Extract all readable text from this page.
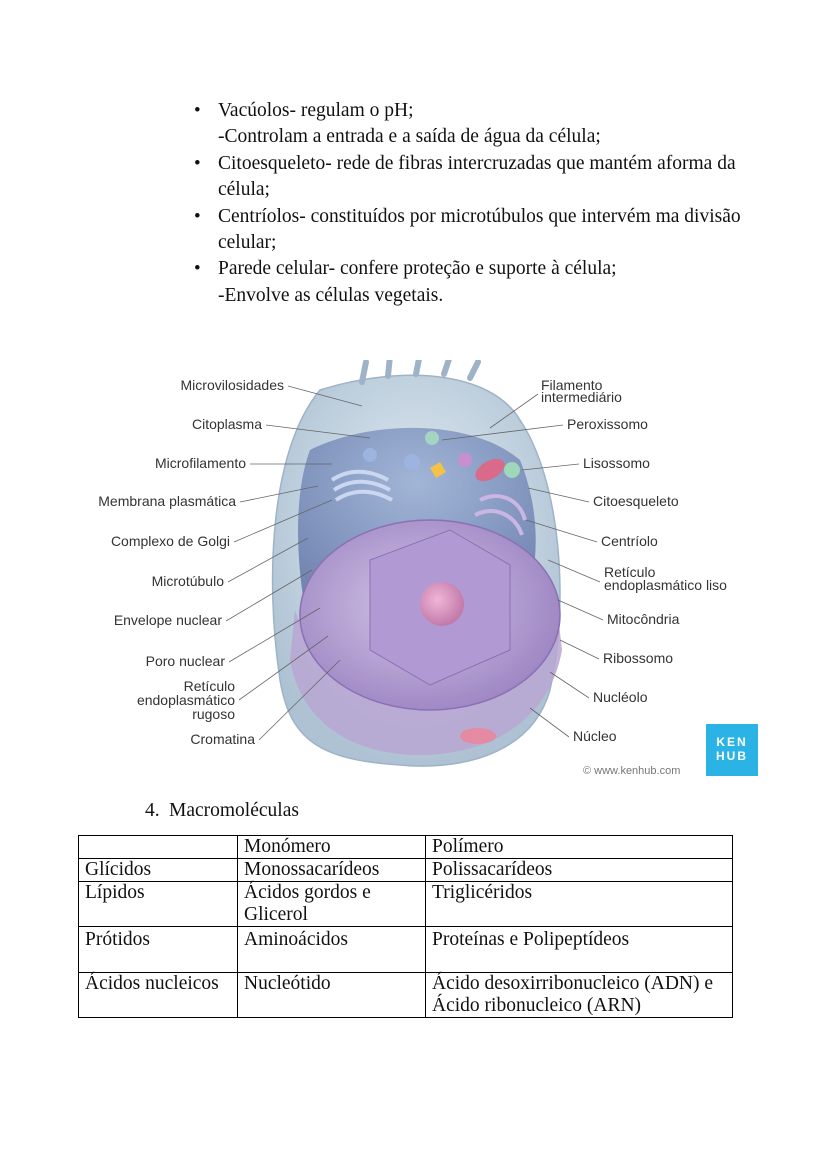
• Vacúolos- regulam o pH;
-Controlam a entrada e a saída de água da célula;
• Citoesqueleto- rede de fibras intercruzadas que mantém aforma da célula;
• Centríolos- constituídos por microtúbulos que intervém ma divisão celular;
• Parede celular- confere proteção e suporte à célula;
-Envolve as células vegetais.
Microvilosidades
Citoplasma
Microfilamento
Membrana plasmática
Complexo de Golgi
Microtúbulo
Envelope nuclear
Poro nuclear
Retículo
endoplasmático
rugoso
Cromatina
Filamento
intermediário
Peroxissomo
Lisossomo
Citoesqueleto
Centríolo
Retículo
endoplasmático liso
Mitocôndria
Ribossomo
Nucléolo
Núcleo	KEN
HUB
© www.kenhub.com
4. Macromoléculas
	Monómero	Polímero
Glícidos	Monossacarídeos	Polissacarídeos
Lípidos	Ácidos gordos e Glicerol	Triglicéridos
Prótidos	Aminoácidos	Proteínas e Polipeptídeos
Ácidos nucleicos	Nucleótido	Ácido desoxirribonucleico (ADN) e Ácido ribonucleico (ARN)
